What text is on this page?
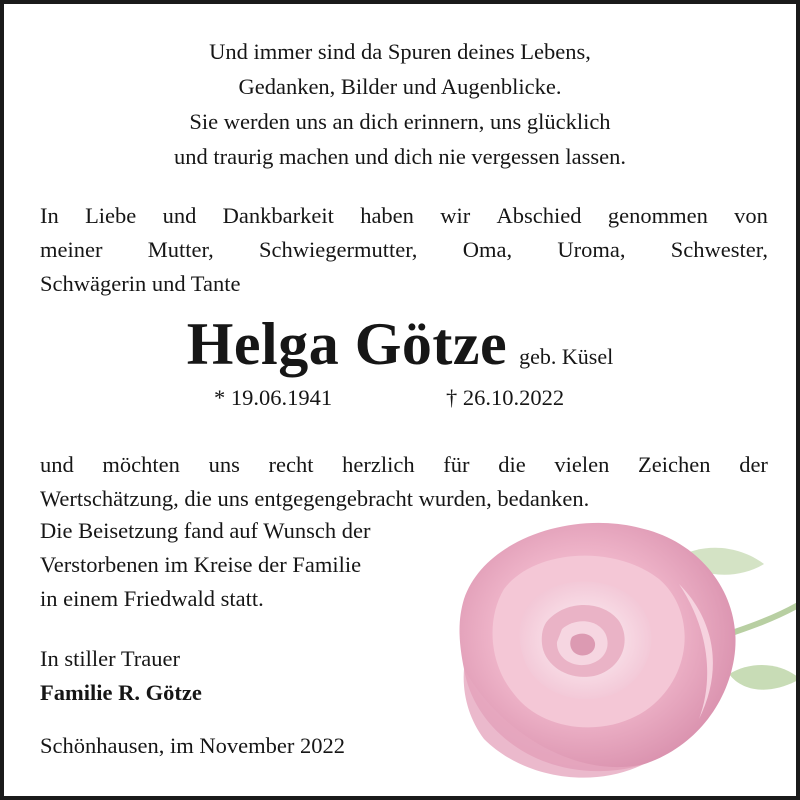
Und immer sind da Spuren deines Lebens,
Gedanken, Bilder und Augenblicke.
Sie werden uns an dich erinnern, uns glücklich
und traurig machen und dich nie vergessen lassen.
In Liebe und Dankbarkeit haben wir Abschied genommen von
meiner Mutter, Schwiegermutter, Oma, Uroma, Schwester,
Schwägerin und Tante
Helga Götze geb. Küsel
* 19.06.1941	† 26.10.2022
und möchten uns recht herzlich für die vielen Zeichen der
Wertschätzung, die uns entgegengebracht wurden, bedanken.
Die Beisetzung fand auf Wunsch der
Verstorbenen im Kreise der Familie
in einem Friedwald statt.
In stiller Trauer
Familie R. Götze
Schönhausen, im November 2022
